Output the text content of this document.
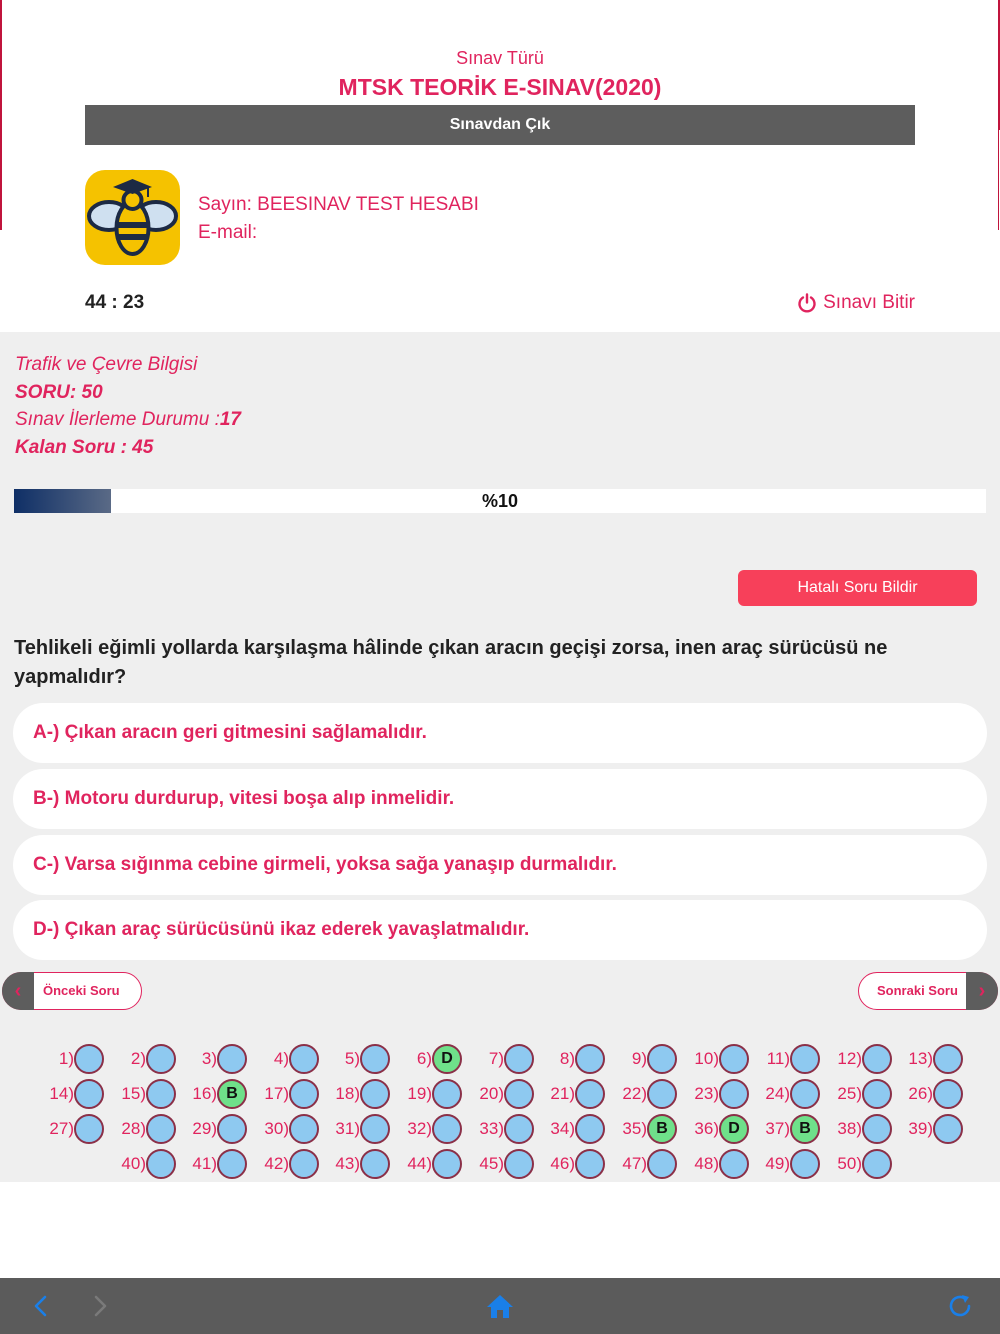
10:26 8 Haziran Pzt	%70
Sınav Türü
MTSK TEORİK E-SINAV(2020)
Sınavdan Çık
Sayın: BEESINAV TEST HESABI
E-mail:
44 : 23	Sınavı Bitir
Trafik ve Çevre Bilgisi
SORU: 50
Sınav İlerleme Durumu :17
Kalan Soru : 45
%10
Hatalı Soru Bildir
Tehlikeli eğimli yollarda karşılaşma hâlinde çıkan aracın geçişi zorsa, inen araç sürücüsü ne yapmalıdır?
A-) Çıkan aracın geri gitmesini sağlamalıdır.
B-) Motoru durdurup, vitesi boşa alıp inmelidir.
C-) Varsa sığınma cebine girmeli, yoksa sağa yanaşıp durmalıdır.
D-) Çıkan araç sürücüsünü ikaz ederek yavaşlatmalıdır.
‹	Önceki Soru	Sonraki Soru	›
1)	2)	3)	4)	5)	6) D	7)	8)	9)	10)	11)	12)	13)
14)	15)	16) B	17)	18)	19)	20)	21)	22)	23)	24)	25)	26)
27)	28)	29)	30)	31)	32)	33)	34)	35) B	36) D	37) B	38)	39)
40)	41)	42)	43)	44)	45)	46)	47)	48)	49)	50)
